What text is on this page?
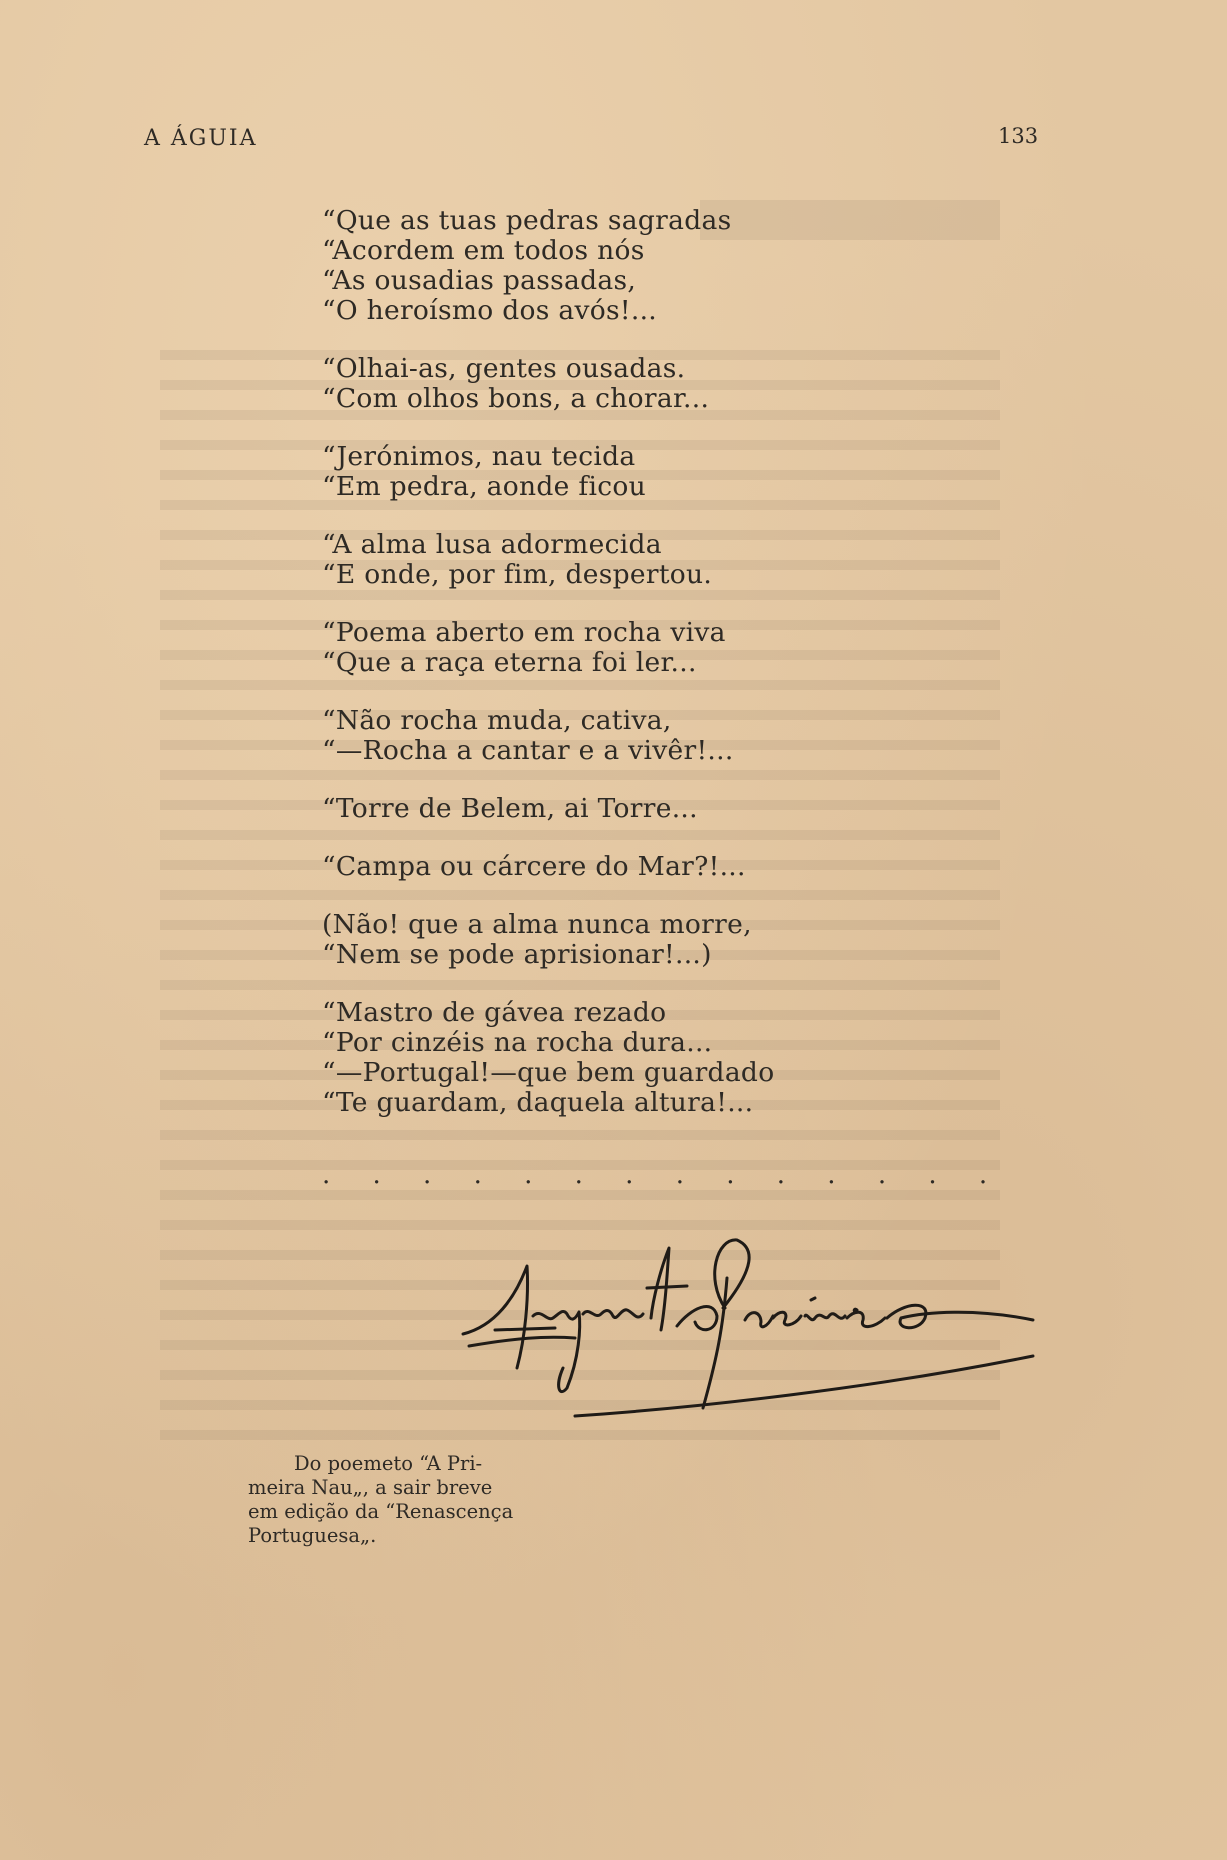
A ÁGUIA	133
“Que as tuas pedras sagradas
“Acordem em todos nós
“As ousadias passadas,
“O heroísmo dos avós!...
“Olhai-as, gentes ousadas.
“Com olhos bons, a chorar...
“Jerónimos, nau tecida
“Em pedra, aonde ficou
“A alma lusa adormecida
“E onde, por fim, despertou.
“Poema aberto em rocha viva
“Que a raça eterna foi ler...
“Não rocha muda, cativa,
“—Rocha a cantar e a vivêr!...
“Torre de Belem, ai Torre...
“Campa ou cárcere do Mar?!...
(Não! que a alma nunca morre,
“Nem se pode aprisionar!...)
“Mastro de gávea rezado
“Por cinzéis na rocha dura...
“—Portugal!—que bem guardado
“Te guardam, daquela altura!...
. . . . . . . . . . . . . .
Do poemeto “A Pri-
meira Nau„, a sair breve
em edição da “Renascença
Portuguesa„.
